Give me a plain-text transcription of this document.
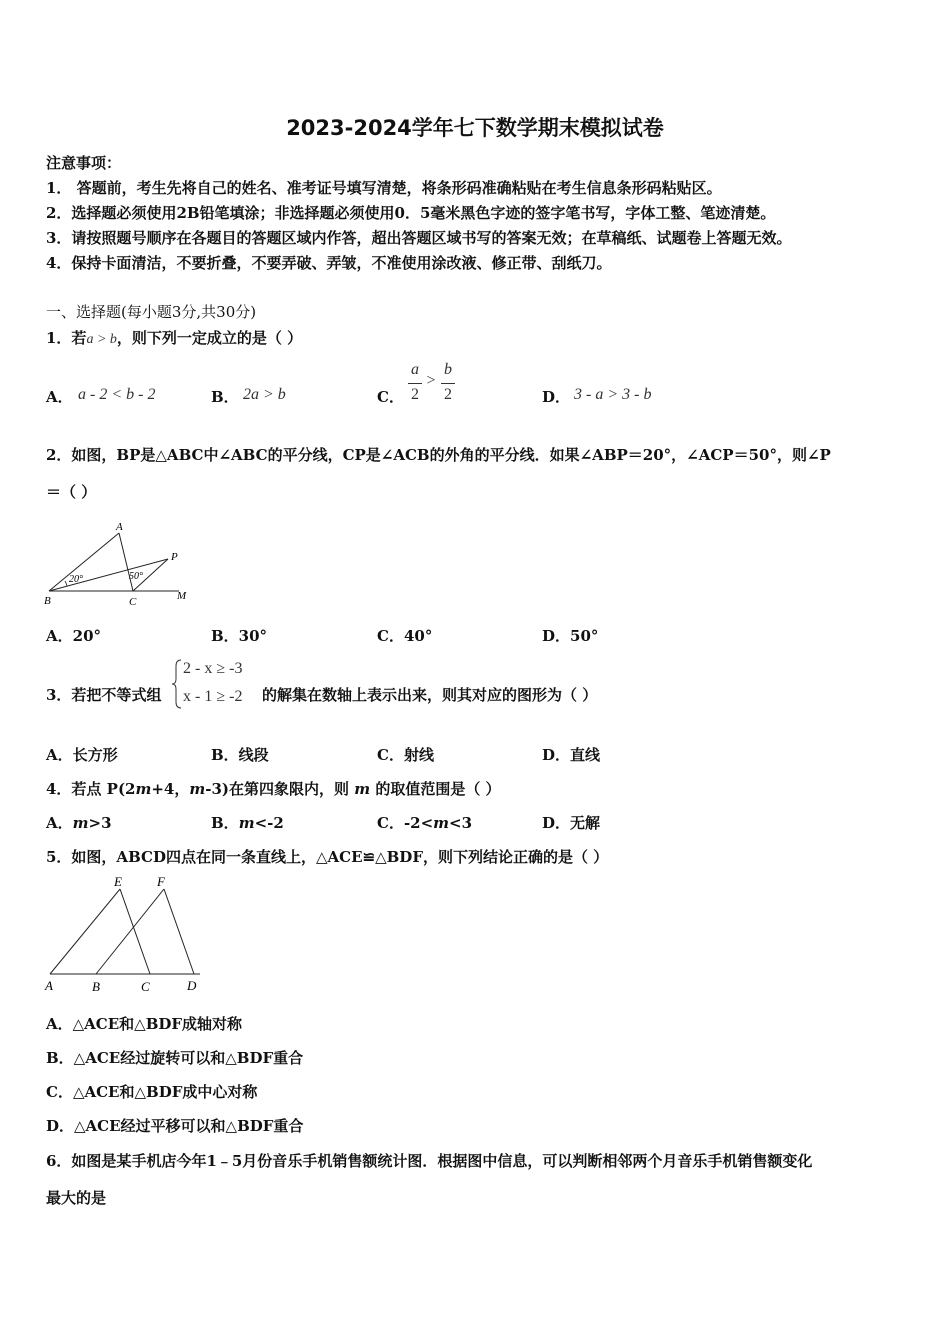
2023-2024学年七下数学期末模拟试卷
注意事项：
1． 答题前，考生先将自己的姓名、准考证号填写清楚，将条形码准确粘贴在考生信息条形码粘贴区。
2．选择题必须使用2B铅笔填涂；非选择题必须使用0．5毫米黑色字迹的签字笔书写，字体工整、笔迹清楚。
3．请按照题号顺序在各题目的答题区域内作答，超出答题区域书写的答案无效；在草稿纸、试题卷上答题无效。
4．保持卡面清洁，不要折叠，不要弄破、弄皱，不准使用涂改液、修正带、刮纸刀。
一、选择题(每小题3分,共30分)
1．若a > b，则下列一定成立的是（ ）
A． a - 2 < b - 2	B． 2a > b	C．
a
2
>
b
2	D． 3 - a > 3 - b
2．如图，BP是△ABC中∠ABC的平分线，CP是∠ACB的外角的平分线．如果∠ABP＝20°，∠ACP＝50°，则∠P
＝（ ）
A
B	C
P
M
20°	50°
A．20°	B．30°	C．40°	D．50°
3．若把不等式组
2 - x ≥ -3
x - 1 ≥ -2 的解集在数轴上表示出来，则其对应的图形为（ ）
A．长方形	B．线段	C．射线	D．直线
4．若点 P(2m+4，m-3)在第四象限内，则 m 的取值范围是（ ）
A．m>3	B．m<-2	C．-2<m<3	D．无解
5．如图，ABCD四点在同一条直线上，△ACE≌△BDF，则下列结论正确的是（ ）
E	F
A	B	C	D
A．△ACE和△BDF成轴对称
B．△ACE经过旋转可以和△BDF重合
C．△ACE和△BDF成中心对称
D．△ACE经过平移可以和△BDF重合
6．如图是某手机店今年1﹣5月份音乐手机销售额统计图．根据图中信息，可以判断相邻两个月音乐手机销售额变化
最大的是
